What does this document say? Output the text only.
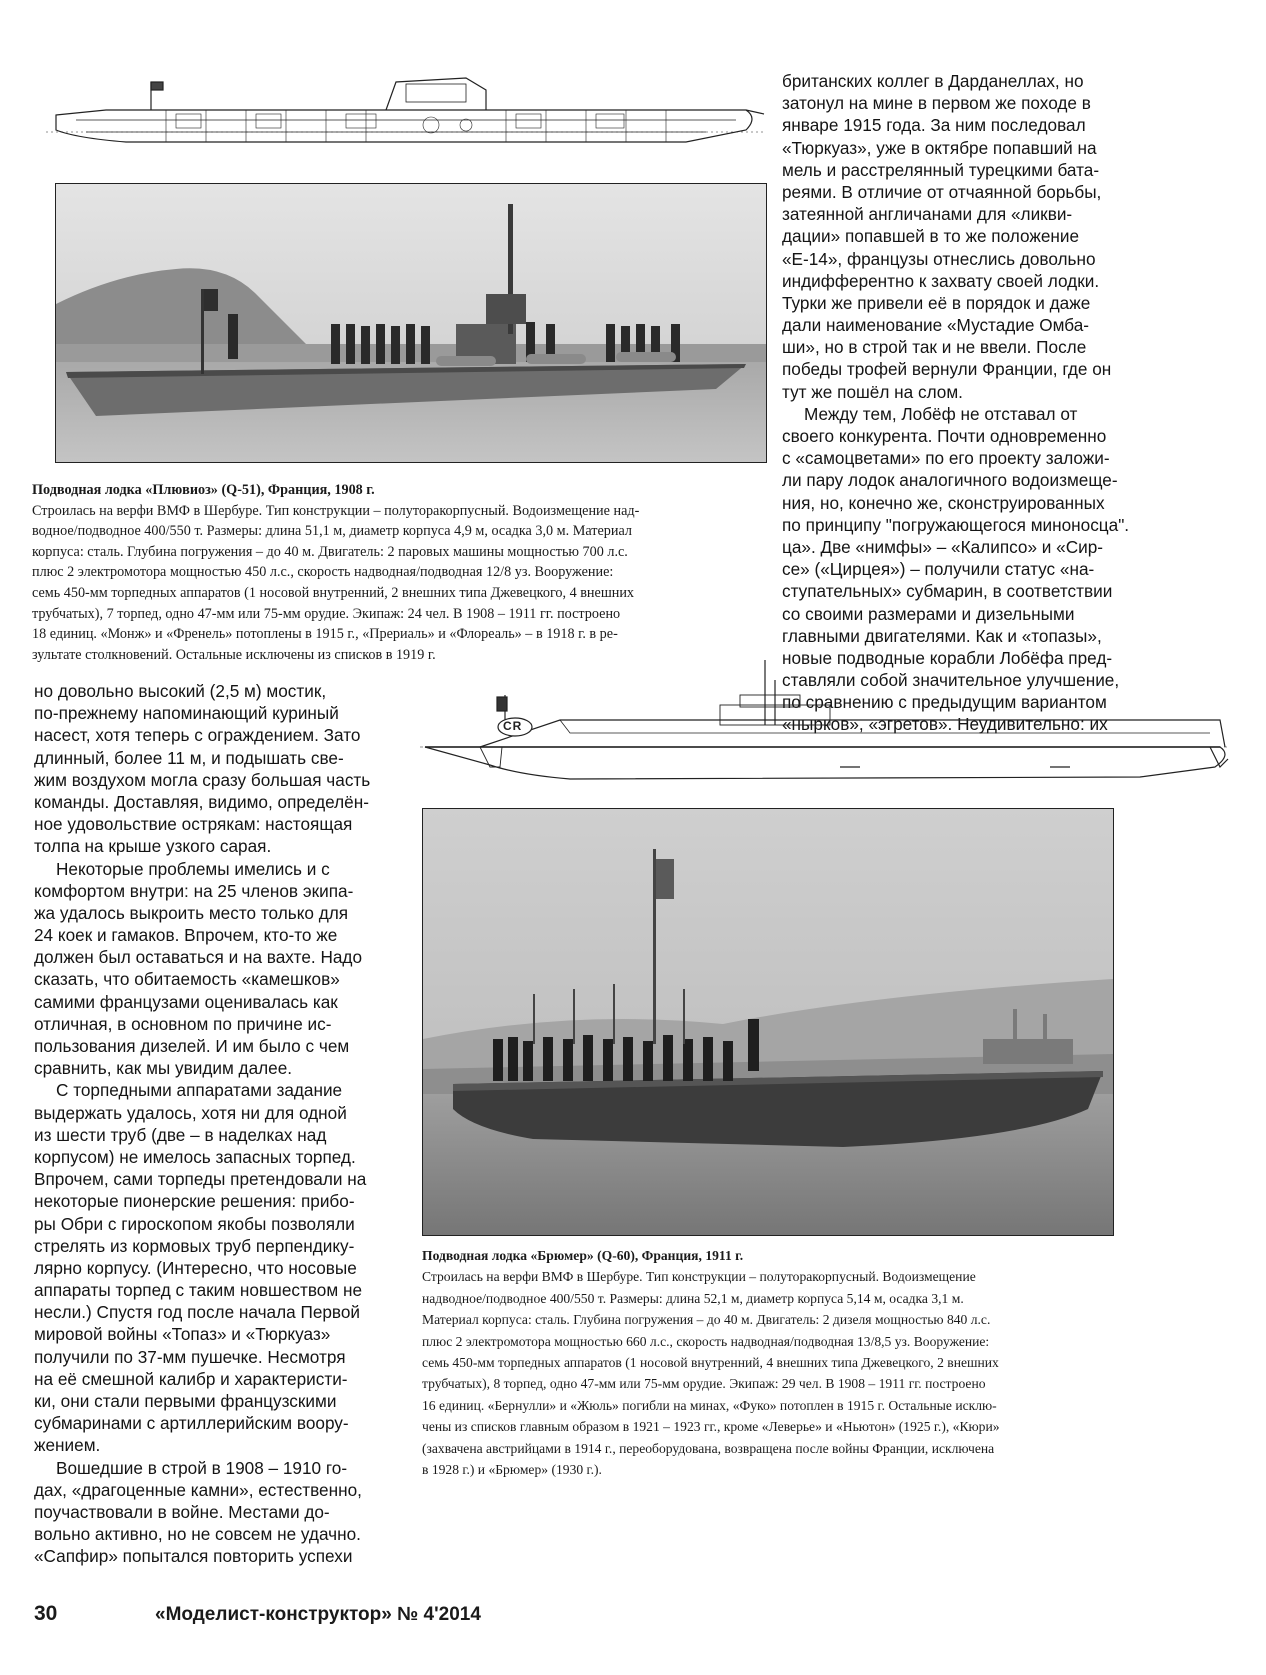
британских коллег в Дарданеллах, но
затонул на мине в первом же походе в
январе 1915 года. За ним последовал
«Тюркуаз», уже в октябре попавший на
мель и расстрелянный турецкими бата-
реями. В отличие от отчаянной борьбы,
затеянной англичанами для «ликви-
дации» попавшей в то же положение
«Е-14», французы отнеслись довольно
индифферентно к захвату своей лодки.
Турки же привели её в порядок и даже
дали наименование «Мустадие Омба-
ши», но в строй так и не ввели. После
победы трофей вернули Франции, где он
тут же пошёл на слом.
Между тем, Лобёф не отставал от
своего конкурента. Почти одновременно
с «самоцветами» по его проекту заложи-
ли пару лодок аналогичного водоизмеще-
ния, но, конечно же, сконструированных
по принципу "погружающегося миноносца".
ца». Две «нимфы» – «Калипсо» и «Сир-
се» («Цирцея») – получили статус «на-
ступательных» субмарин, в соответствии
со своими размерами и дизельными
главными двигателями. Как и «топазы»,
новые подводные корабли Лобёфа пред-
ставляли собой значительное улучшение,
по сравнению с предыдущим вариантом
«нырков», «эгретов». Неудивительно: их
Подводная лодка «Плювиоз» (Q-51), Франция, 1908 г.
Строилась на верфи ВМФ в Шербуре. Тип конструкции – полуторакорпусный. Водоизмещение над-
водное/подводное 400/550 т. Размеры: длина 51,1 м, диаметр корпуса 4,9 м, осадка 3,0 м. Материал
корпуса: сталь. Глубина погружения – до 40 м. Двигатель: 2 паровых машины мощностью 700 л.с.
плюс 2 электромотора мощностью 450 л.с., скорость надводная/подводная 12/8 уз. Вооружение:
семь 450-мм торпедных аппаратов (1 носовой внутренний, 2 внешних типа Джевецкого, 4 внешних
трубчатых), 7 торпед, одно 47-мм или 75-мм орудие. Экипаж: 24 чел. В 1908 – 1911 гг. построено
18 единиц. «Монж» и «Френель» потоплены в 1915 г., «Прериаль» и «Флореаль» – в 1918 г. в ре-
зультате столкновений. Остальные исключены из списков в 1919 г.
но довольно высокий (2,5 м) мостик,
по-прежнему напоминающий куриный
насест, хотя теперь с ограждением. Зато
длинный, более 11 м, и подышать све-
жим воздухом могла сразу большая часть
команды. Доставляя, видимо, определён-
ное удовольствие острякам: настоящая
толпа на крыше узкого сарая.
Некоторые проблемы имелись и с
комфортом внутри: на 25 членов экипа-
жа удалось выкроить место только для
24 коек и гамаков. Впрочем, кто-то же
должен был оставаться и на вахте. Надо
сказать, что обитаемость «камешков»
самими французами оценивалась как
отличная, в основном по причине ис-
пользования дизелей. И им было с чем
сравнить, как мы увидим далее.
С торпедными аппаратами задание
выдержать удалось, хотя ни для одной
из шести труб (две – в наделках над
корпусом) не имелось запасных торпед.
Впрочем, сами торпеды претендовали на
некоторые пионерские решения: прибо-
ры Обри с гироскопом якобы позволяли
стрелять из кормовых труб перпендику-
лярно корпусу. (Интересно, что носовые
аппараты торпед с таким новшеством не
несли.) Спустя год после начала Первой
мировой войны «Топаз» и «Тюркуаз»
получили по 37-мм пушечке. Несмотря
на её смешной калибр и характеристи-
ки, они стали первыми французскими
субмаринами с артиллерийским воору-
жением.
Вошедшие в строй в 1908 – 1910 го-
дах, «драгоценные камни», естественно,
поучаствовали в войне. Местами до-
вольно активно, но не совсем не удачно.
«Сапфир» попытался повторить успехи
CR
Подводная лодка «Брюмер» (Q-60), Франция, 1911 г.
Строилась на верфи ВМФ в Шербуре. Тип конструкции – полуторакорпусный. Водоизмещение
надводное/подводное 400/550 т. Размеры: длина 52,1 м, диаметр корпуса 5,14 м, осадка 3,1 м.
Материал корпуса: сталь. Глубина погружения – до 40 м. Двигатель: 2 дизеля мощностью 840 л.с.
плюс 2 электромотора мощностью 660 л.с., скорость надводная/подводная 13/8,5 уз. Вооружение:
семь 450-мм торпедных аппаратов (1 носовой внутренний, 4 внешних типа Джевецкого, 2 внешних
трубчатых), 8 торпед, одно 47-мм или 75-мм орудие. Экипаж: 29 чел. В 1908 – 1911 гг. построено
16 единиц. «Бернулли» и «Жюль» погибли на минах, «Фуко» потоплен в 1915 г. Остальные исклю-
чены из списков главным образом в 1921 – 1923 гг., кроме «Леверье» и «Ньютон» (1925 г.), «Кюри»
(захвачена австрийцами в 1914 г., переоборудована, возвращена после войны Франции, исключена
в 1928 г.) и «Брюмер» (1930 г.).
30	«Моделист-конструктор» № 4'2014
